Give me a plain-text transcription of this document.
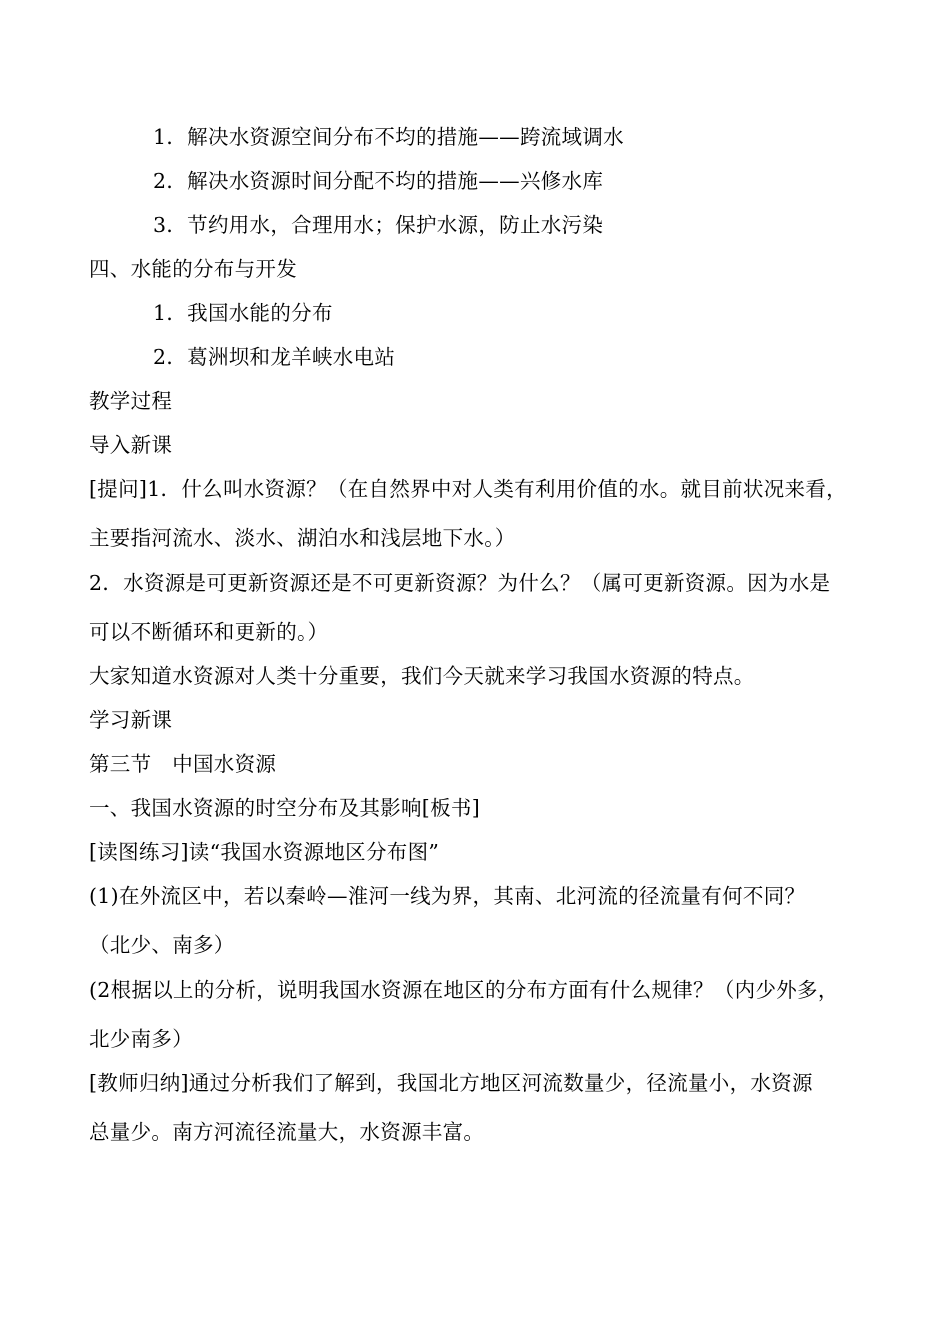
1．解决水资源空间分布不均的措施——跨流域调水
2．解决水资源时间分配不均的措施——兴修水库
3．节约用水，合理用水；保护水源，防止水污染
四、水能的分布与开发
1．我国水能的分布
2．葛洲坝和龙羊峡水电站
教学过程
导入新课
[提问]1．什么叫水资源？（在自然界中对人类有利用价值的水。就目前状况来看，
主要指河流水、淡水、湖泊水和浅层地下水。）
2．水资源是可更新资源还是不可更新资源？为什么？（属可更新资源。因为水是
可以不断循环和更新的。）
大家知道水资源对人类十分重要，我们今天就来学习我国水资源的特点。
学习新课
第三节　中国水资源
一、我国水资源的时空分布及其影响[板书]
[读图练习]读“我国水资源地区分布图”
(1)在外流区中，若以秦岭—淮河一线为界，其南、北河流的径流量有何不同？
（北少、南多）
(2根据以上的分析，说明我国水资源在地区的分布方面有什么规律？（内少外多，
北少南多）
[教师归纳]通过分析我们了解到，我国北方地区河流数量少，径流量小，水资源
总量少。南方河流径流量大，水资源丰富。
